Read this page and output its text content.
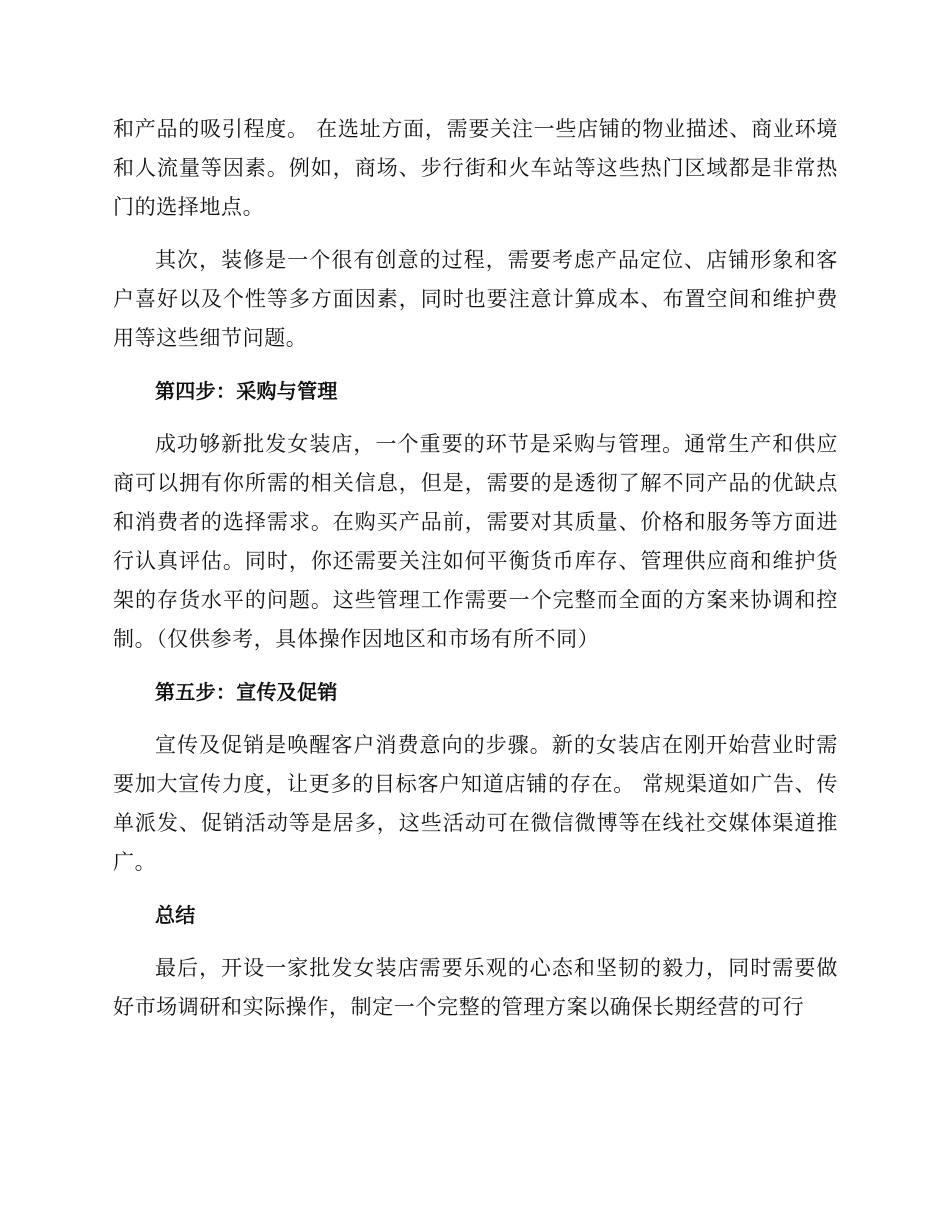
和产品的吸引程度。 在选址方面，需要关注一些店铺的物业描述、商业环境和人流量等因素。例如，商场、步行街和火车站等这些热门区域都是非常热门的选择地点。

其次，装修是一个很有创意的过程，需要考虑产品定位、店铺形象和客户喜好以及个性等多方面因素，同时也要注意计算成本、布置空间和维护费用等这些细节问题。

第四步：采购与管理

成功够新批发女装店，一个重要的环节是采购与管理。通常生产和供应商可以拥有你所需的相关信息，但是，需要的是透彻了解不同产品的优缺点和消费者的选择需求。在购买产品前，需要对其质量、价格和服务等方面进行认真评估。同时，你还需要关注如何平衡货币库存、管理供应商和维护货架的存货水平的问题。这些管理工作需要一个完整而全面的方案来协调和控制。（仅供参考，具体操作因地区和市场有所不同）

第五步：宣传及促销

宣传及促销是唤醒客户消费意向的步骤。新的女装店在刚开始营业时需要加大宣传力度，让更多的目标客户知道店铺的存在。 常规渠道如广告、传单派发、促销活动等是居多，这些活动可在微信微博等在线社交媒体渠道推广。

总结

最后，开设一家批发女装店需要乐观的心态和坚韧的毅力，同时需要做好市场调研和实际操作，制定一个完整的管理方案以确保长期经营的可行
